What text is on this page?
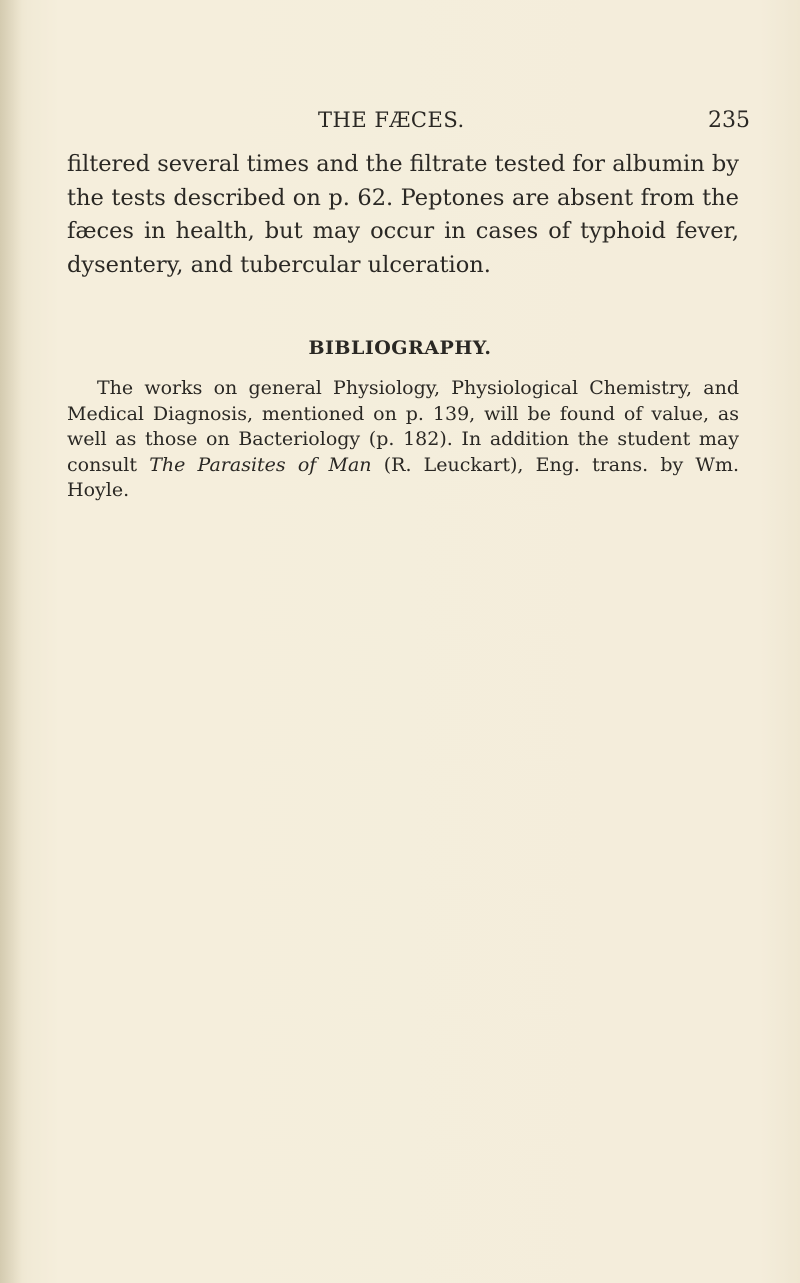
THE FÆCES.	235

filtered several times and the filtrate tested for albumin by the tests described on p. 62. Peptones are absent from the fæces in health, but may occur in cases of typhoid fever, dysentery, and tubercular ulceration.

BIBLIOGRAPHY.

The works on general Physiology, Physiological Chemistry, and Medical Diagnosis, mentioned on p. 139, will be found of value, as well as those on Bacteriology (p. 182). In addition the student may consult The Parasites of Man (R. Leuckart), Eng. trans. by Wm. Hoyle.
